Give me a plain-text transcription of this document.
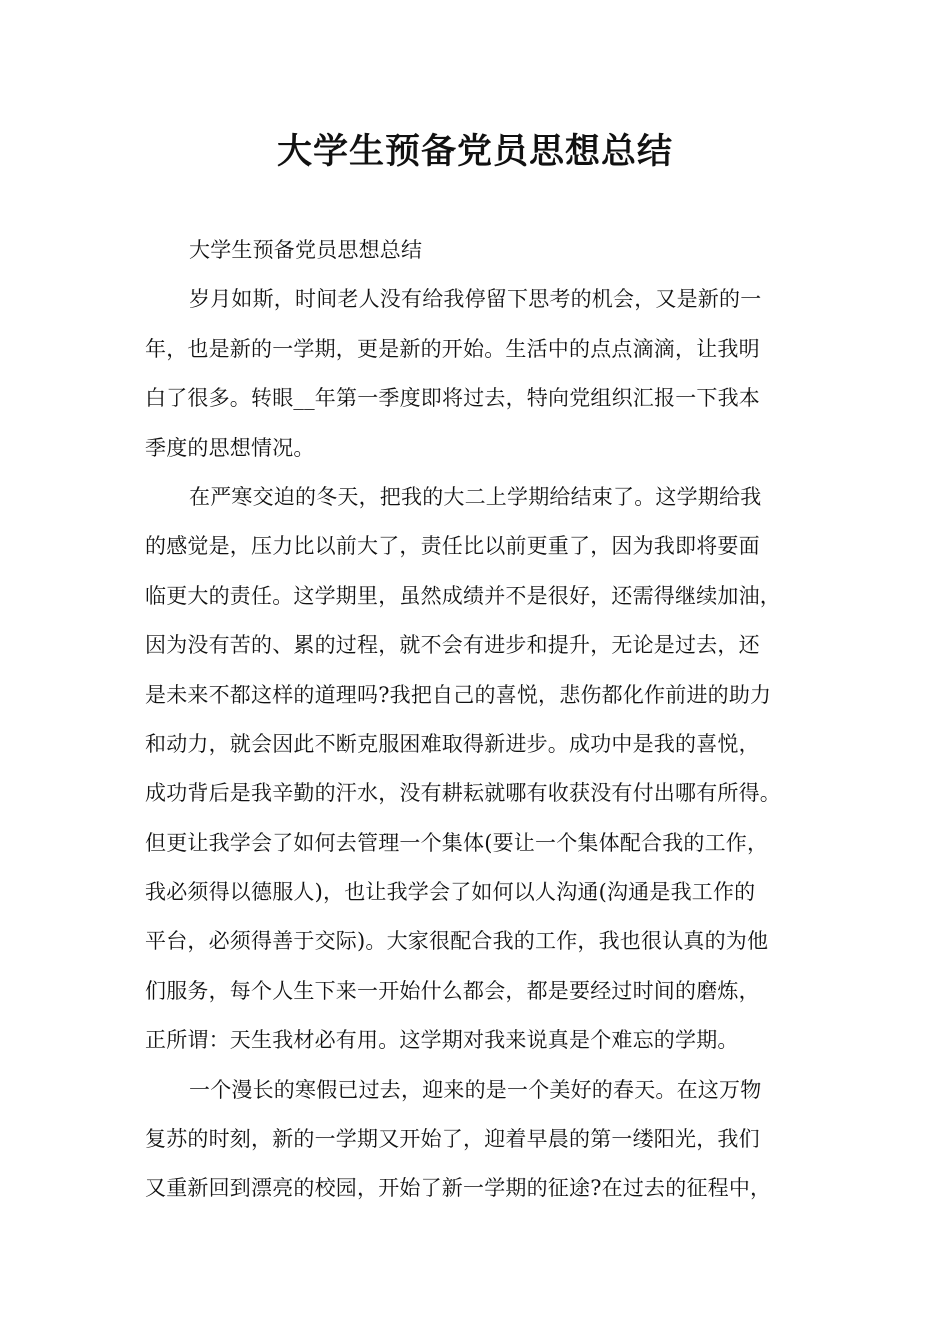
大学生预备党员思想总结
大学生预备党员思想总结
岁月如斯，时间老人没有给我停留下思考的机会，又是新的一
年，也是新的一学期，更是新的开始。生活中的点点滴滴，让我明
白了很多。转眼__年第一季度即将过去，特向党组织汇报一下我本
季度的思想情况。
在严寒交迫的冬天，把我的大二上学期给结束了。这学期给我
的感觉是，压力比以前大了，责任比以前更重了，因为我即将要面
临更大的责任。这学期里，虽然成绩并不是很好，还需得继续加油，
因为没有苦的、累的过程，就不会有进步和提升，无论是过去，还
是未来不都这样的道理吗?我把自己的喜悦，悲伤都化作前进的助力
和动力，就会因此不断克服困难取得新进步。成功中是我的喜悦，
成功背后是我辛勤的汗水，没有耕耘就哪有收获没有付出哪有所得。
但更让我学会了如何去管理一个集体(要让一个集体配合我的工作，
我必须得以德服人)，也让我学会了如何以人沟通(沟通是我工作的
平台，必须得善于交际)。大家很配合我的工作，我也很认真的为他
们服务，每个人生下来一开始什么都会，都是要经过时间的磨炼，
正所谓：天生我材必有用。这学期对我来说真是个难忘的学期。
一个漫长的寒假已过去，迎来的是一个美好的春天。在这万物
复苏的时刻，新的一学期又开始了，迎着早晨的第一缕阳光，我们
又重新回到漂亮的校园，开始了新一学期的征途?在过去的征程中，
